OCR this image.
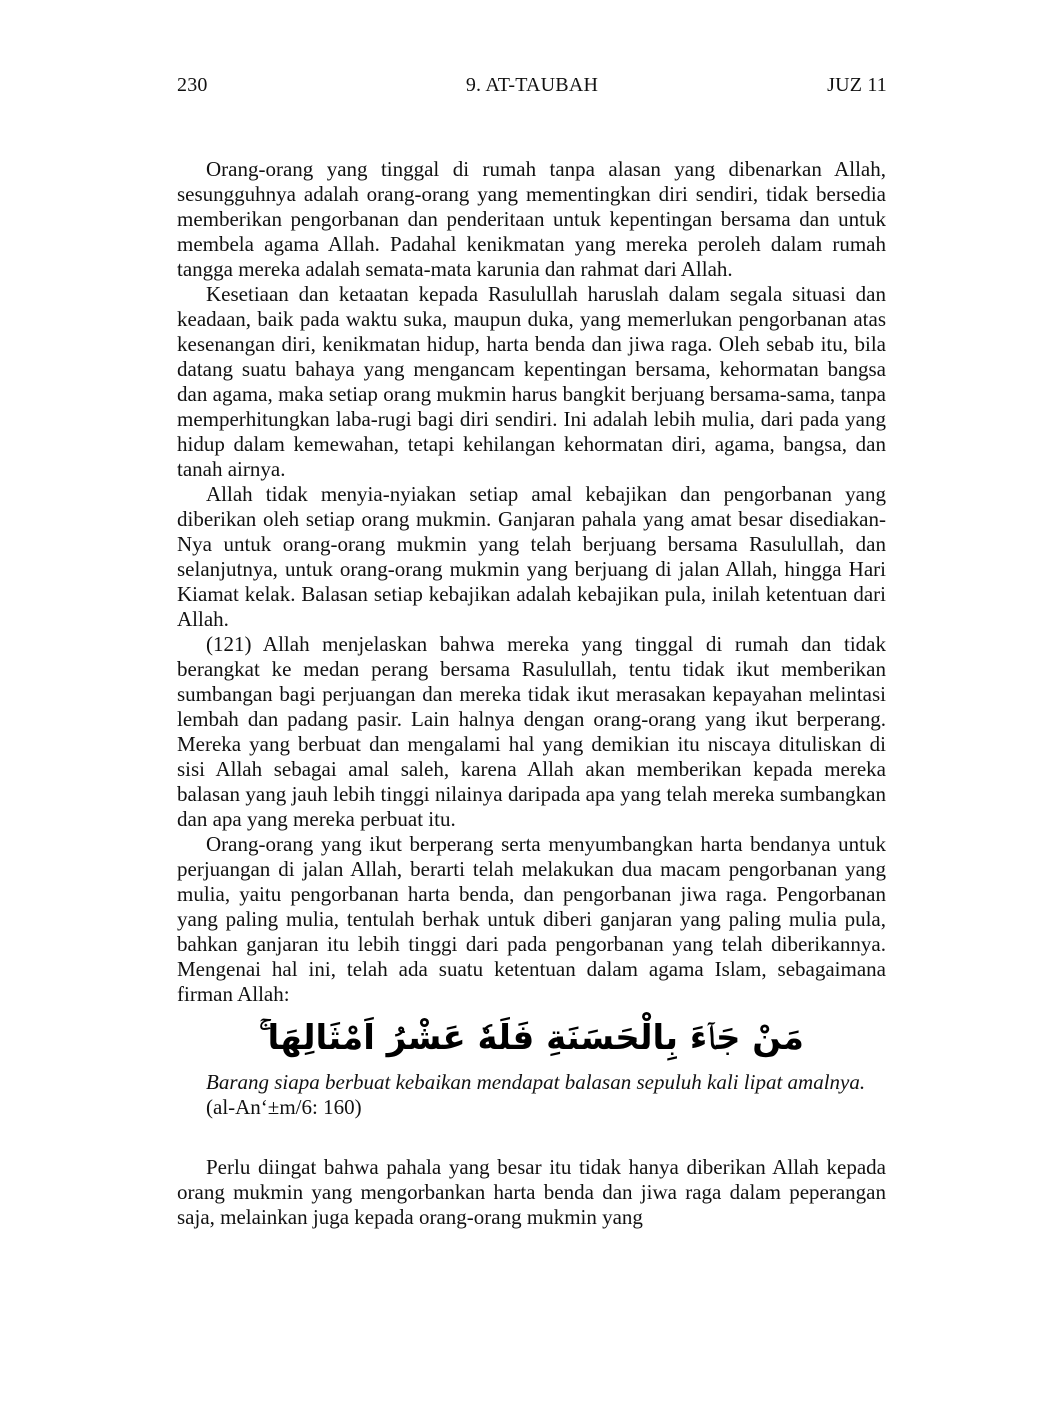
230	9. AT-TAUBAH	JUZ 11

Orang-orang yang tinggal di rumah tanpa alasan yang dibenarkan Allah, sesungguhnya adalah orang-orang yang mementingkan diri sendiri, tidak bersedia memberikan pengorbanan dan penderitaan untuk kepentingan bersama dan untuk membela agama Allah. Padahal kenikmatan yang mereka peroleh dalam rumah tangga mereka adalah semata-mata karunia dan rahmat dari Allah.

Kesetiaan dan ketaatan kepada Rasulullah haruslah dalam segala situasi dan keadaan, baik pada waktu suka, maupun duka, yang memerlukan pengorbanan atas kesenangan diri, kenikmatan hidup, harta benda dan jiwa raga. Oleh sebab itu, bila datang suatu bahaya yang mengancam kepentingan bersama, kehormatan bangsa dan agama, maka setiap orang mukmin harus bangkit berjuang bersama-sama, tanpa memperhitungkan laba-rugi bagi diri sendiri. Ini adalah lebih mulia, dari pada yang hidup dalam kemewahan, tetapi kehilangan kehormatan diri, agama, bangsa, dan tanah airnya.

Allah tidak menyia-nyiakan setiap amal kebajikan dan pengorbanan yang diberikan oleh setiap orang mukmin. Ganjaran pahala yang amat besar disediakan-Nya untuk orang-orang mukmin yang telah berjuang bersama Rasulullah, dan selanjutnya, untuk orang-orang mukmin yang berjuang di jalan Allah, hingga Hari Kiamat kelak. Balasan setiap kebajikan adalah kebajikan pula, inilah ketentuan dari Allah.

(121) Allah menjelaskan bahwa mereka yang tinggal di rumah dan tidak berangkat ke medan perang bersama Rasulullah, tentu tidak ikut memberikan sumbangan bagi perjuangan dan mereka tidak ikut merasakan kepayahan melintasi lembah dan padang pasir. Lain halnya dengan orang-orang yang ikut berperang. Mereka yang berbuat dan mengalami hal yang demikian itu niscaya dituliskan di sisi Allah sebagai amal saleh, karena Allah akan memberikan kepada mereka balasan yang jauh lebih tinggi nilainya daripada apa yang telah mereka sumbangkan dan apa yang mereka perbuat itu.

Orang-orang yang ikut berperang serta menyumbangkan harta bendanya untuk perjuangan di jalan Allah, berarti telah melakukan dua macam pengorbanan yang mulia, yaitu pengorbanan harta benda, dan pengorbanan jiwa raga. Pengorbanan yang paling mulia, tentulah berhak untuk diberi ganjaran yang paling mulia pula, bahkan ganjaran itu lebih tinggi dari pada pengorbanan yang telah diberikannya. Mengenai hal ini, telah ada suatu ketentuan dalam agama Islam, sebagaimana firman Allah:

مَنْ جَاۤءَ بِالْحَسَنَةِ فَلَهٗ عَشْرُ اَمْثَالِهَا ۚ

Barang siapa berbuat kebaikan mendapat balasan sepuluh kali lipat amalnya.

(al-An‘±m/6: 160)

Perlu diingat bahwa pahala yang besar itu tidak hanya diberikan Allah kepada orang mukmin yang mengorbankan harta benda dan jiwa raga dalam peperangan saja, melainkan juga kepada orang-orang mukmin yang
